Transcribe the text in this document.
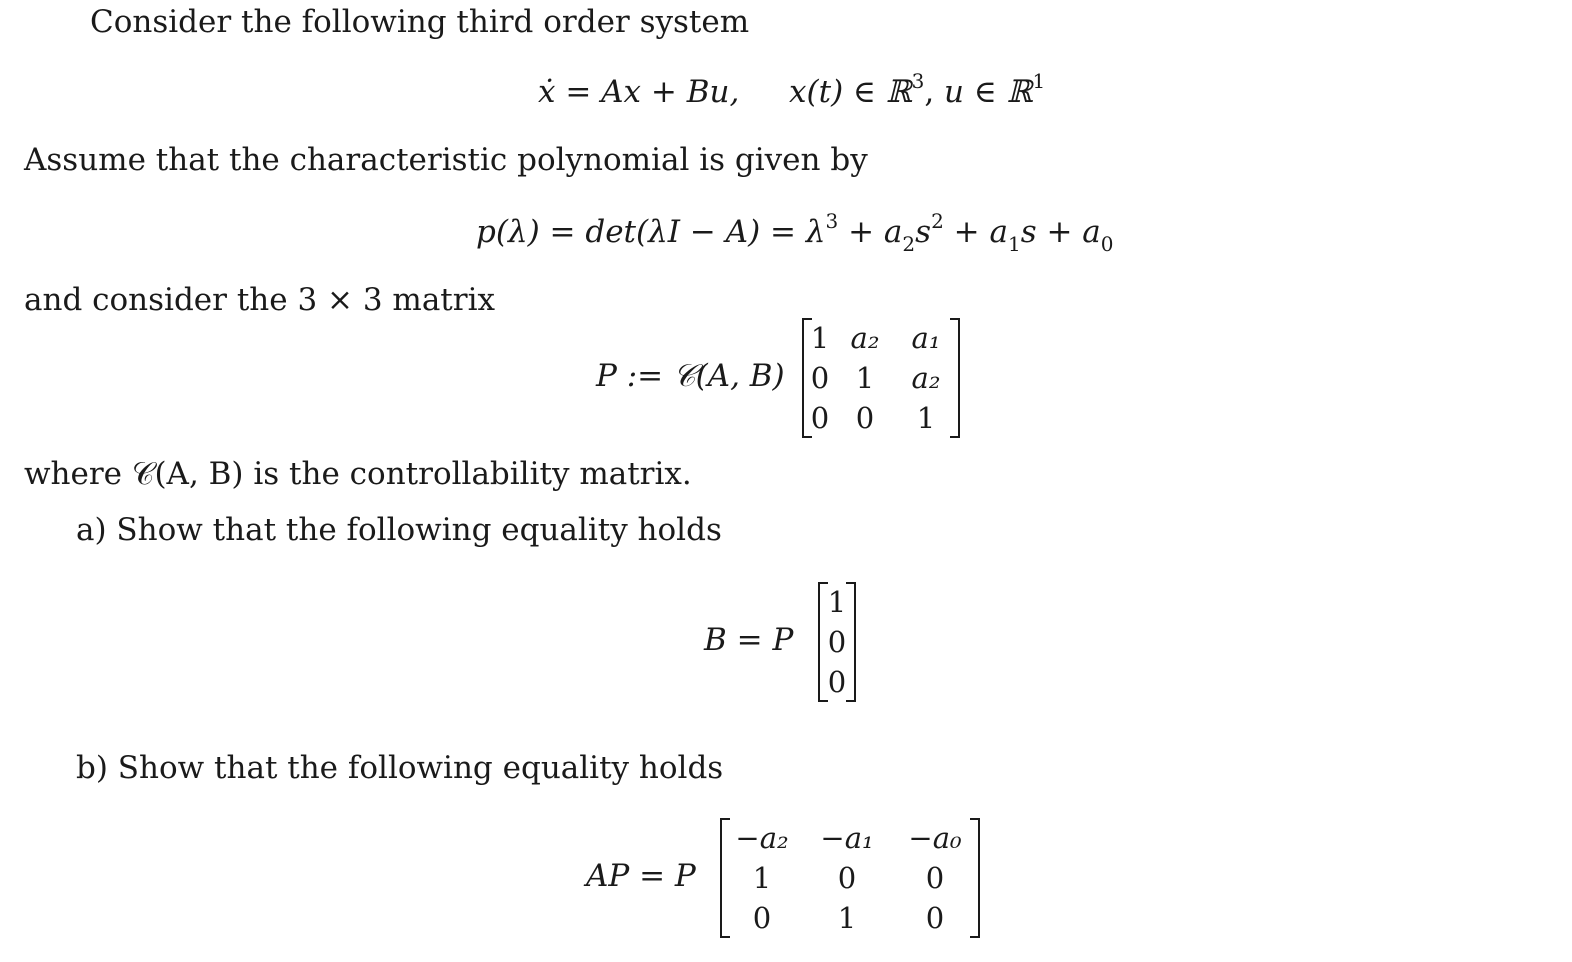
Consider the following third order system
ẋ = Ax + Bu, x(t) ∈ ℝ$^3$, u ∈ ℝ$^1$
Assume that the characteristic polynomial is given by
$p(\lambda) = \det(\lambda I - A) = \lambda^3 + a_2s^2 + a_1s + a_0$
and consider the 3 × 3 matrix
P := 𝒞(A, B)
1	a₂	a₁
0	1	a₂
0	0	1
where 𝒞(A, B) is the controllability matrix.
a) Show that the following equality holds
B = P
1
0
0
b) Show that the following equality holds
AP = P
−a₂	−a₁	−a₀
1	0	0
0	1	0
